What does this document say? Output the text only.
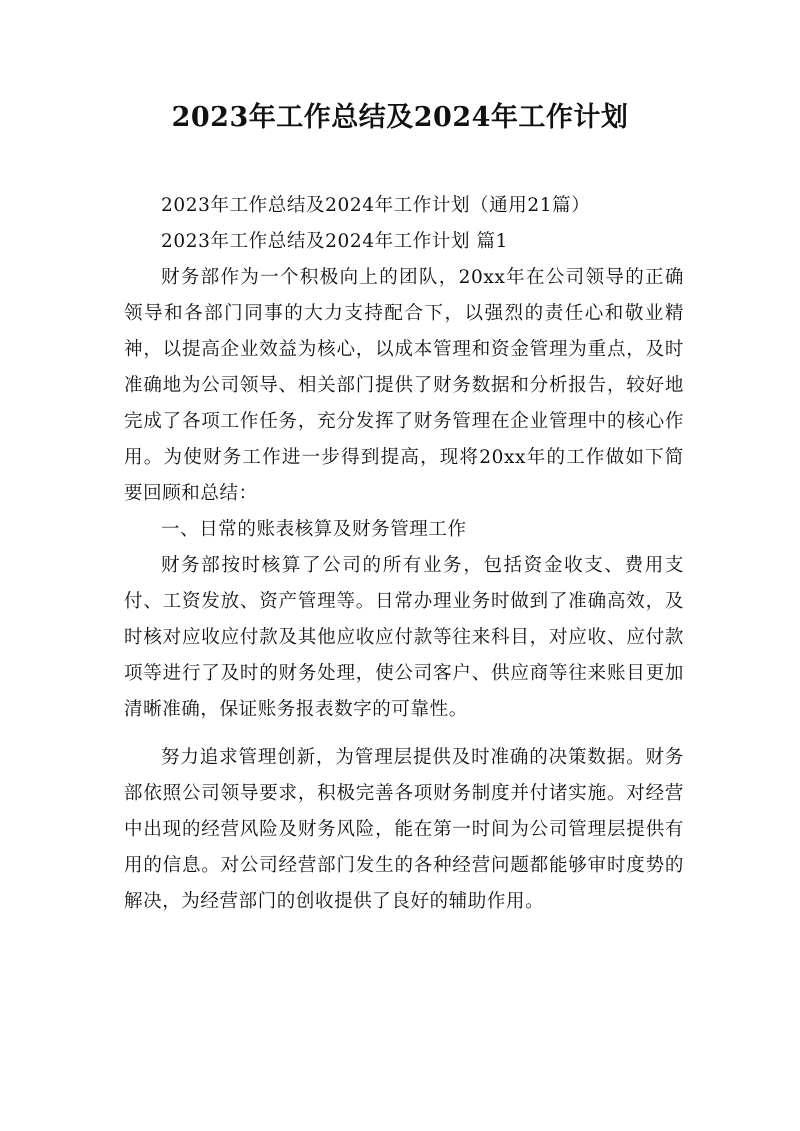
2023年工作总结及2024年工作计划

2023年工作总结及2024年工作计划（通用21篇）

2023年工作总结及2024年工作计划 篇1

财务部作为一个积极向上的团队，20xx年在公司领导的正确领导和各部门同事的大力支持配合下，以强烈的责任心和敬业精神，以提高企业效益为核心，以成本管理和资金管理为重点，及时准确地为公司领导、相关部门提供了财务数据和分析报告，较好地完成了各项工作任务，充分发挥了财务管理在企业管理中的核心作用。为使财务工作进一步得到提高，现将20xx年的工作做如下简要回顾和总结：

一、日常的账表核算及财务管理工作

财务部按时核算了公司的所有业务，包括资金收支、费用支付、工资发放、资产管理等。日常办理业务时做到了准确高效，及时核对应收应付款及其他应收应付款等往来科目，对应收、应付款项等进行了及时的财务处理，使公司客户、供应商等往来账目更加清晰准确，保证账务报表数字的可靠性。

努力追求管理创新，为管理层提供及时准确的决策数据。财务部依照公司领导要求，积极完善各项财务制度并付诸实施。对经营中出现的经营风险及财务风险，能在第一时间为公司管理层提供有用的信息。对公司经营部门发生的各种经营问题都能够审时度势的解决，为经营部门的创收提供了良好的辅助作用。
